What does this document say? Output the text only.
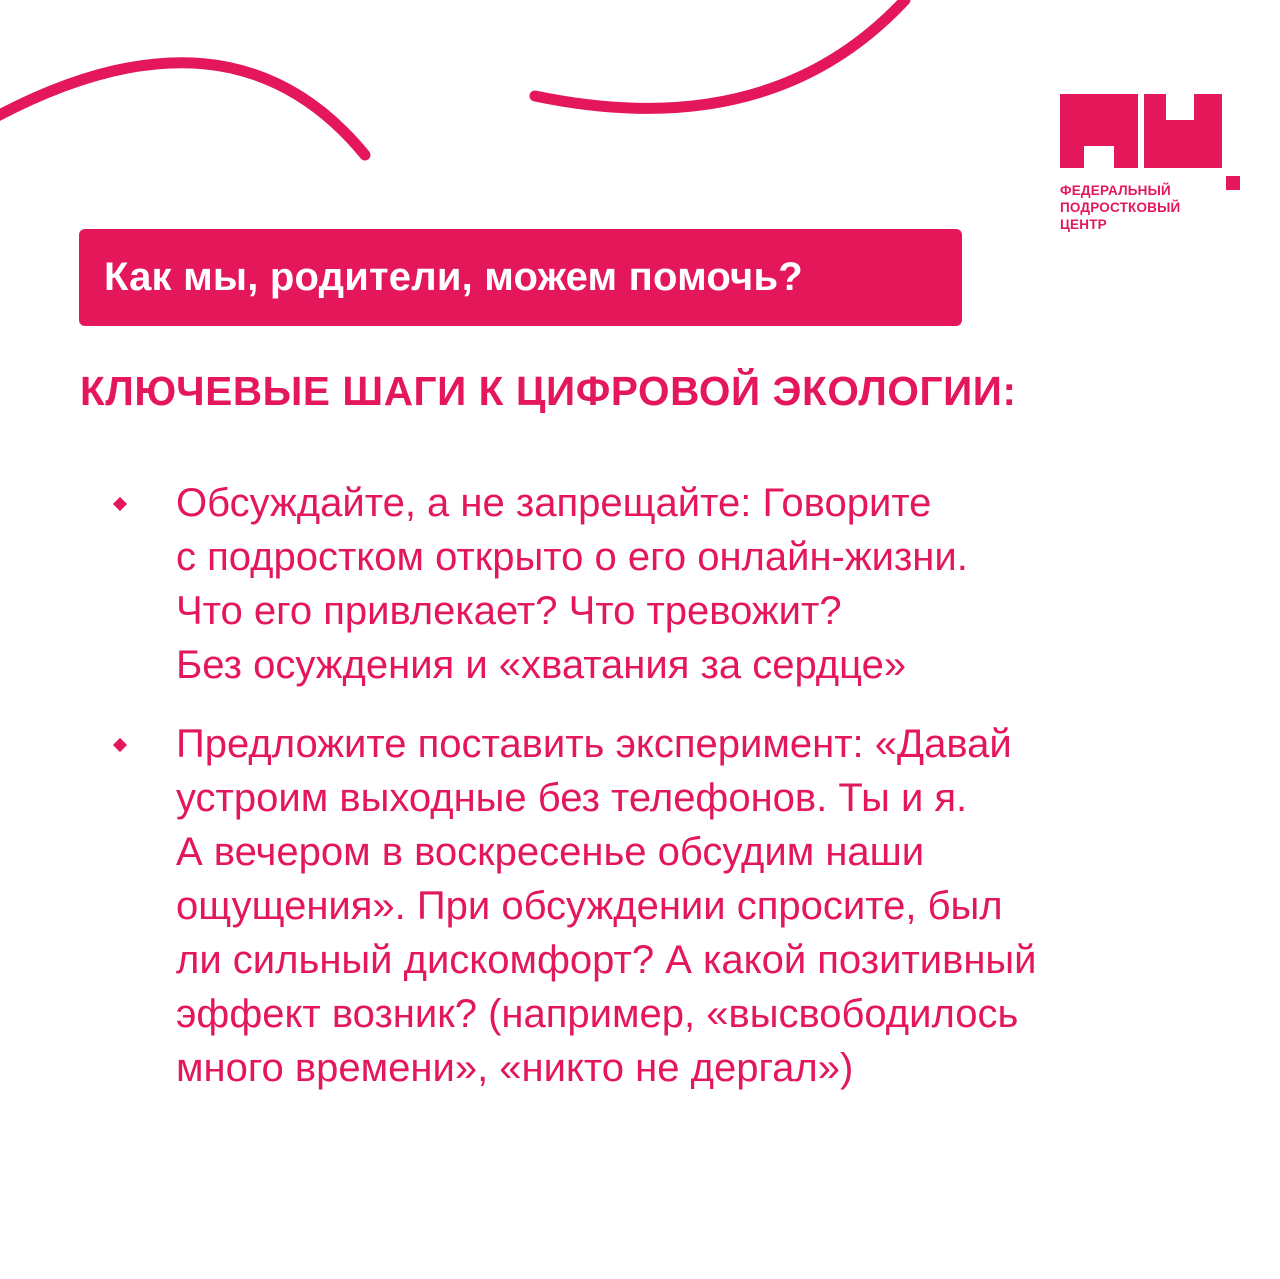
ФЕДЕРАЛЬНЫЙ
ПОДРОСТКОВЫЙ
ЦЕНТР
Как мы, родители, можем помочь?
КЛЮЧЕВЫЕ ШАГИ К ЦИФРОВОЙ ЭКОЛОГИИ:
Обсуждайте, а не запрещайте: Говорите
с подростком открыто о его онлайн-жизни.
Что его привлекает? Что тревожит?
Без осуждения и «хватания за сердце»
Предложите поставить эксперимент: «Давай
устроим выходные без телефонов. Ты и я.
А вечером в воскресенье обсудим наши
ощущения». При обсуждении спросите, был
ли сильный дискомфорт? А какой позитивный
эффект возник? (например, «высвободилось
много времени», «никто не дергал»)
